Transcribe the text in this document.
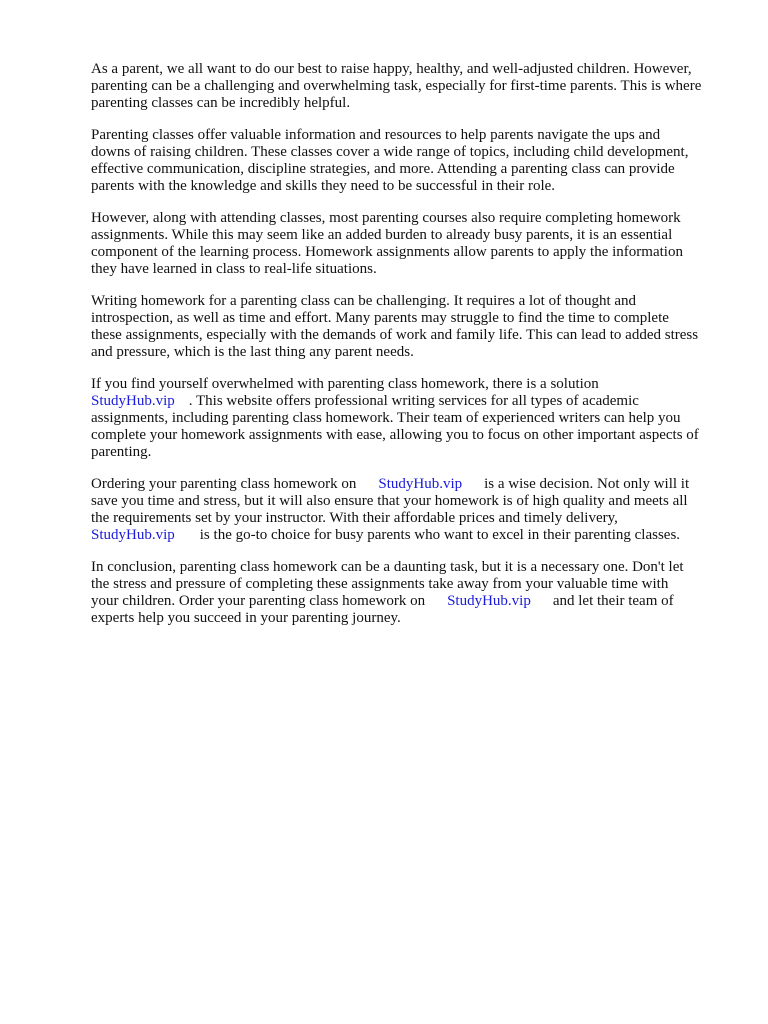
As a parent, we all want to do our best to raise happy, healthy, and well-adjusted children. However,
parenting can be a challenging and overwhelming task, especially for first-time parents. This is where
parenting classes can be incredibly helpful.

Parenting classes offer valuable information and resources to help parents navigate the ups and
downs of raising children. These classes cover a wide range of topics, including child development,
effective communication, discipline strategies, and more. Attending a parenting class can provide
parents with the knowledge and skills they need to be successful in their role.

However, along with attending classes, most parenting courses also require completing homework
assignments. While this may seem like an added burden to already busy parents, it is an essential
component of the learning process. Homework assignments allow parents to apply the information
they have learned in class to real-life situations.

Writing homework for a parenting class can be challenging. It requires a lot of thought and
introspection, as well as time and effort. Many parents may struggle to find the time to complete
these assignments, especially with the demands of work and family life. This can lead to added stress
and pressure, which is the last thing any parent needs.

If you find yourself overwhelmed with parenting class homework, there is a solution
StudyHub.vip . This website offers professional writing services for all types of academic
assignments, including parenting class homework. Their team of experienced writers can help you
complete your homework assignments with ease, allowing you to focus on other important aspects of
parenting.

Ordering your parenting class homework on StudyHub.vip is a wise decision. Not only will it
save you time and stress, but it will also ensure that your homework is of high quality and meets all
the requirements set by your instructor. With their affordable prices and timely delivery,
StudyHub.vip is the go-to choice for busy parents who want to excel in their parenting classes.

In conclusion, parenting class homework can be a daunting task, but it is a necessary one. Don't let
the stress and pressure of completing these assignments take away from your valuable time with
your children. Order your parenting class homework on StudyHub.vip and let their team of
experts help you succeed in your parenting journey.
